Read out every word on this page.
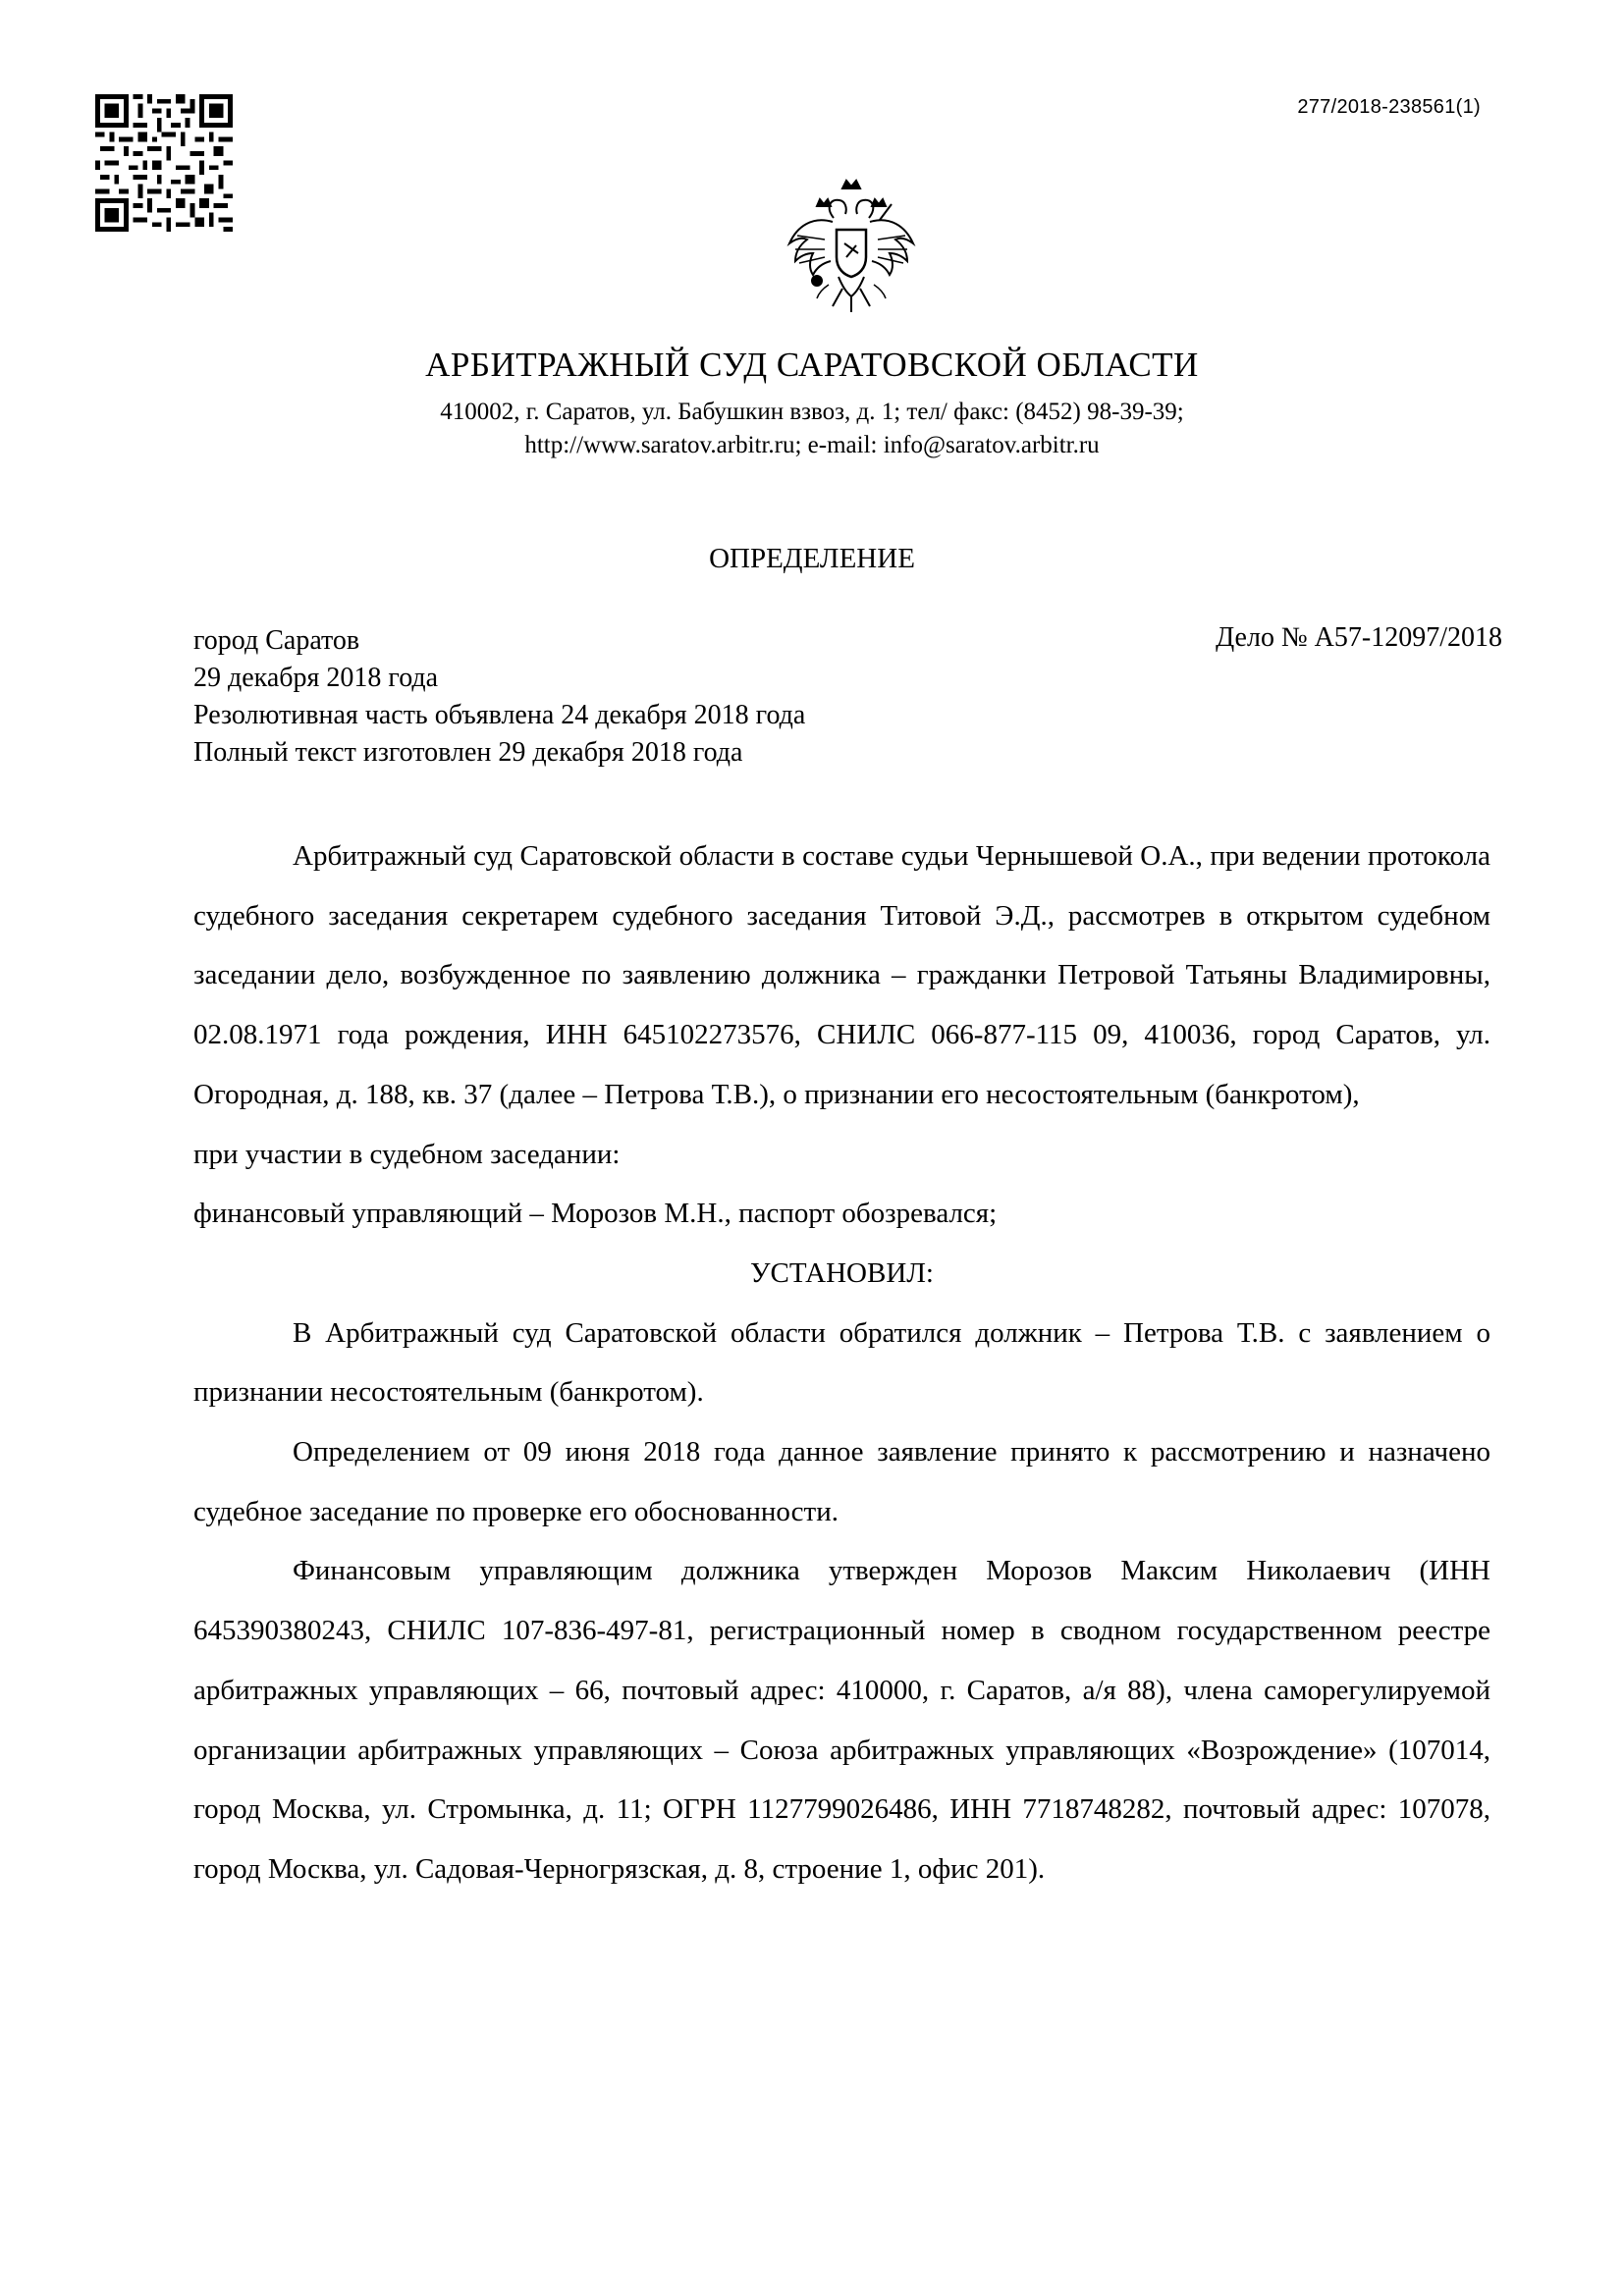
277/2018-238561(1)
АРБИТРАЖНЫЙ СУД САРАТОВСКОЙ ОБЛАСТИ
410002, г. Саратов, ул. Бабушкин взвоз, д. 1; тел/ факс: (8452) 98-39-39;
http://www.saratov.arbitr.ru; e-mail: info@saratov.arbitr.ru
ОПРЕДЕЛЕНИЕ
город Саратов	Дело № А57-12097/2018
29 декабря 2018 года
Резолютивная часть объявлена 24 декабря 2018 года
Полный текст изготовлен 29 декабря 2018 года

Арбитражный суд Саратовской области в составе судьи Чернышевой О.А., при ведении протокола судебного заседания секретарем судебного заседания Титовой Э.Д., рассмотрев в открытом судебном заседании дело, возбужденное по заявлению должника – гражданки Петровой Татьяны Владимировны, 02.08.1971 года рождения, ИНН 645102273576, СНИЛС 066-877-115 09, 410036, город Саратов, ул. Огородная, д. 188, кв. 37 (далее – Петрова Т.В.), о признании его несостоятельным (банкротом),

при участии в судебном заседании:

финансовый управляющий – Морозов М.Н., паспорт обозревался;

УСТАНОВИЛ:

В Арбитражный суд Саратовской области обратился должник – Петрова Т.В. с заявлением о признании несостоятельным (банкротом).

Определением от 09 июня 2018 года данное заявление принято к рассмотрению и назначено судебное заседание по проверке его обоснованности.

Финансовым управляющим должника утвержден Морозов Максим Николаевич (ИНН 645390380243, СНИЛС 107-836-497-81, регистрационный номер в сводном государственном реестре арбитражных управляющих – 66, почтовый адрес: 410000, г. Саратов, а/я 88), члена саморегулируемой организации арбитражных управляющих – Союза арбитражных управляющих «Возрождение» (107014, город Москва, ул. Стромынка, д. 11; ОГРН 1127799026486, ИНН 7718748282, почтовый адрес: 107078, город Москва, ул. Садовая-Черногрязская, д. 8, строение 1, офис 201).
